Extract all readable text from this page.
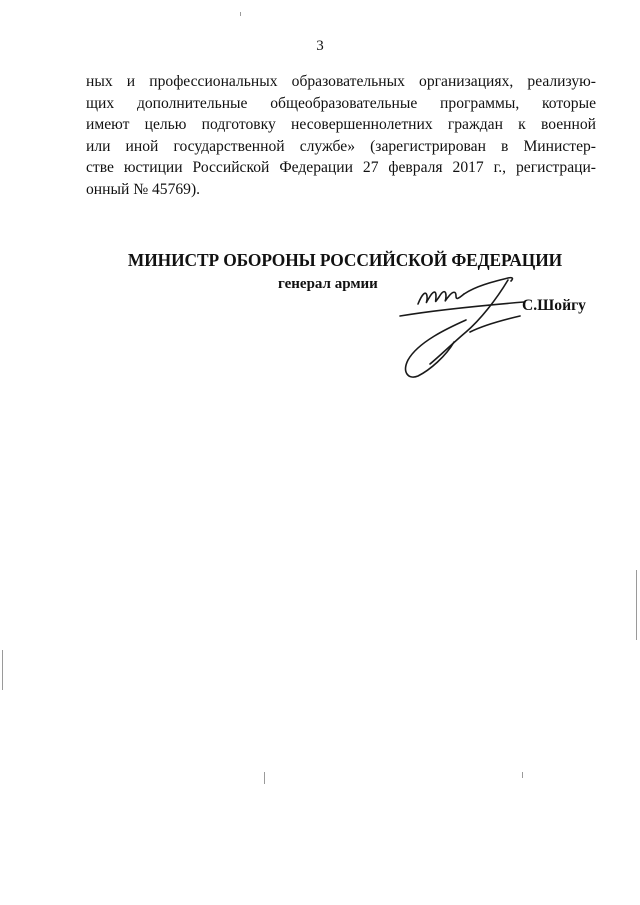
3
ных и профессиональных образовательных организациях, реализую-
щих дополнительные общеобразовательные программы, которые
имеют целью подготовку несовершеннолетних граждан к военной
или иной государственной службе» (зарегистрирован в Министер-
стве юстиции Российской Федерации 27 февраля 2017 г., регистраци-
онный № 45769).
МИНИСТР ОБОРОНЫ РОССИЙСКОЙ ФЕДЕРАЦИИ
генерал армии
С.Шойгу
